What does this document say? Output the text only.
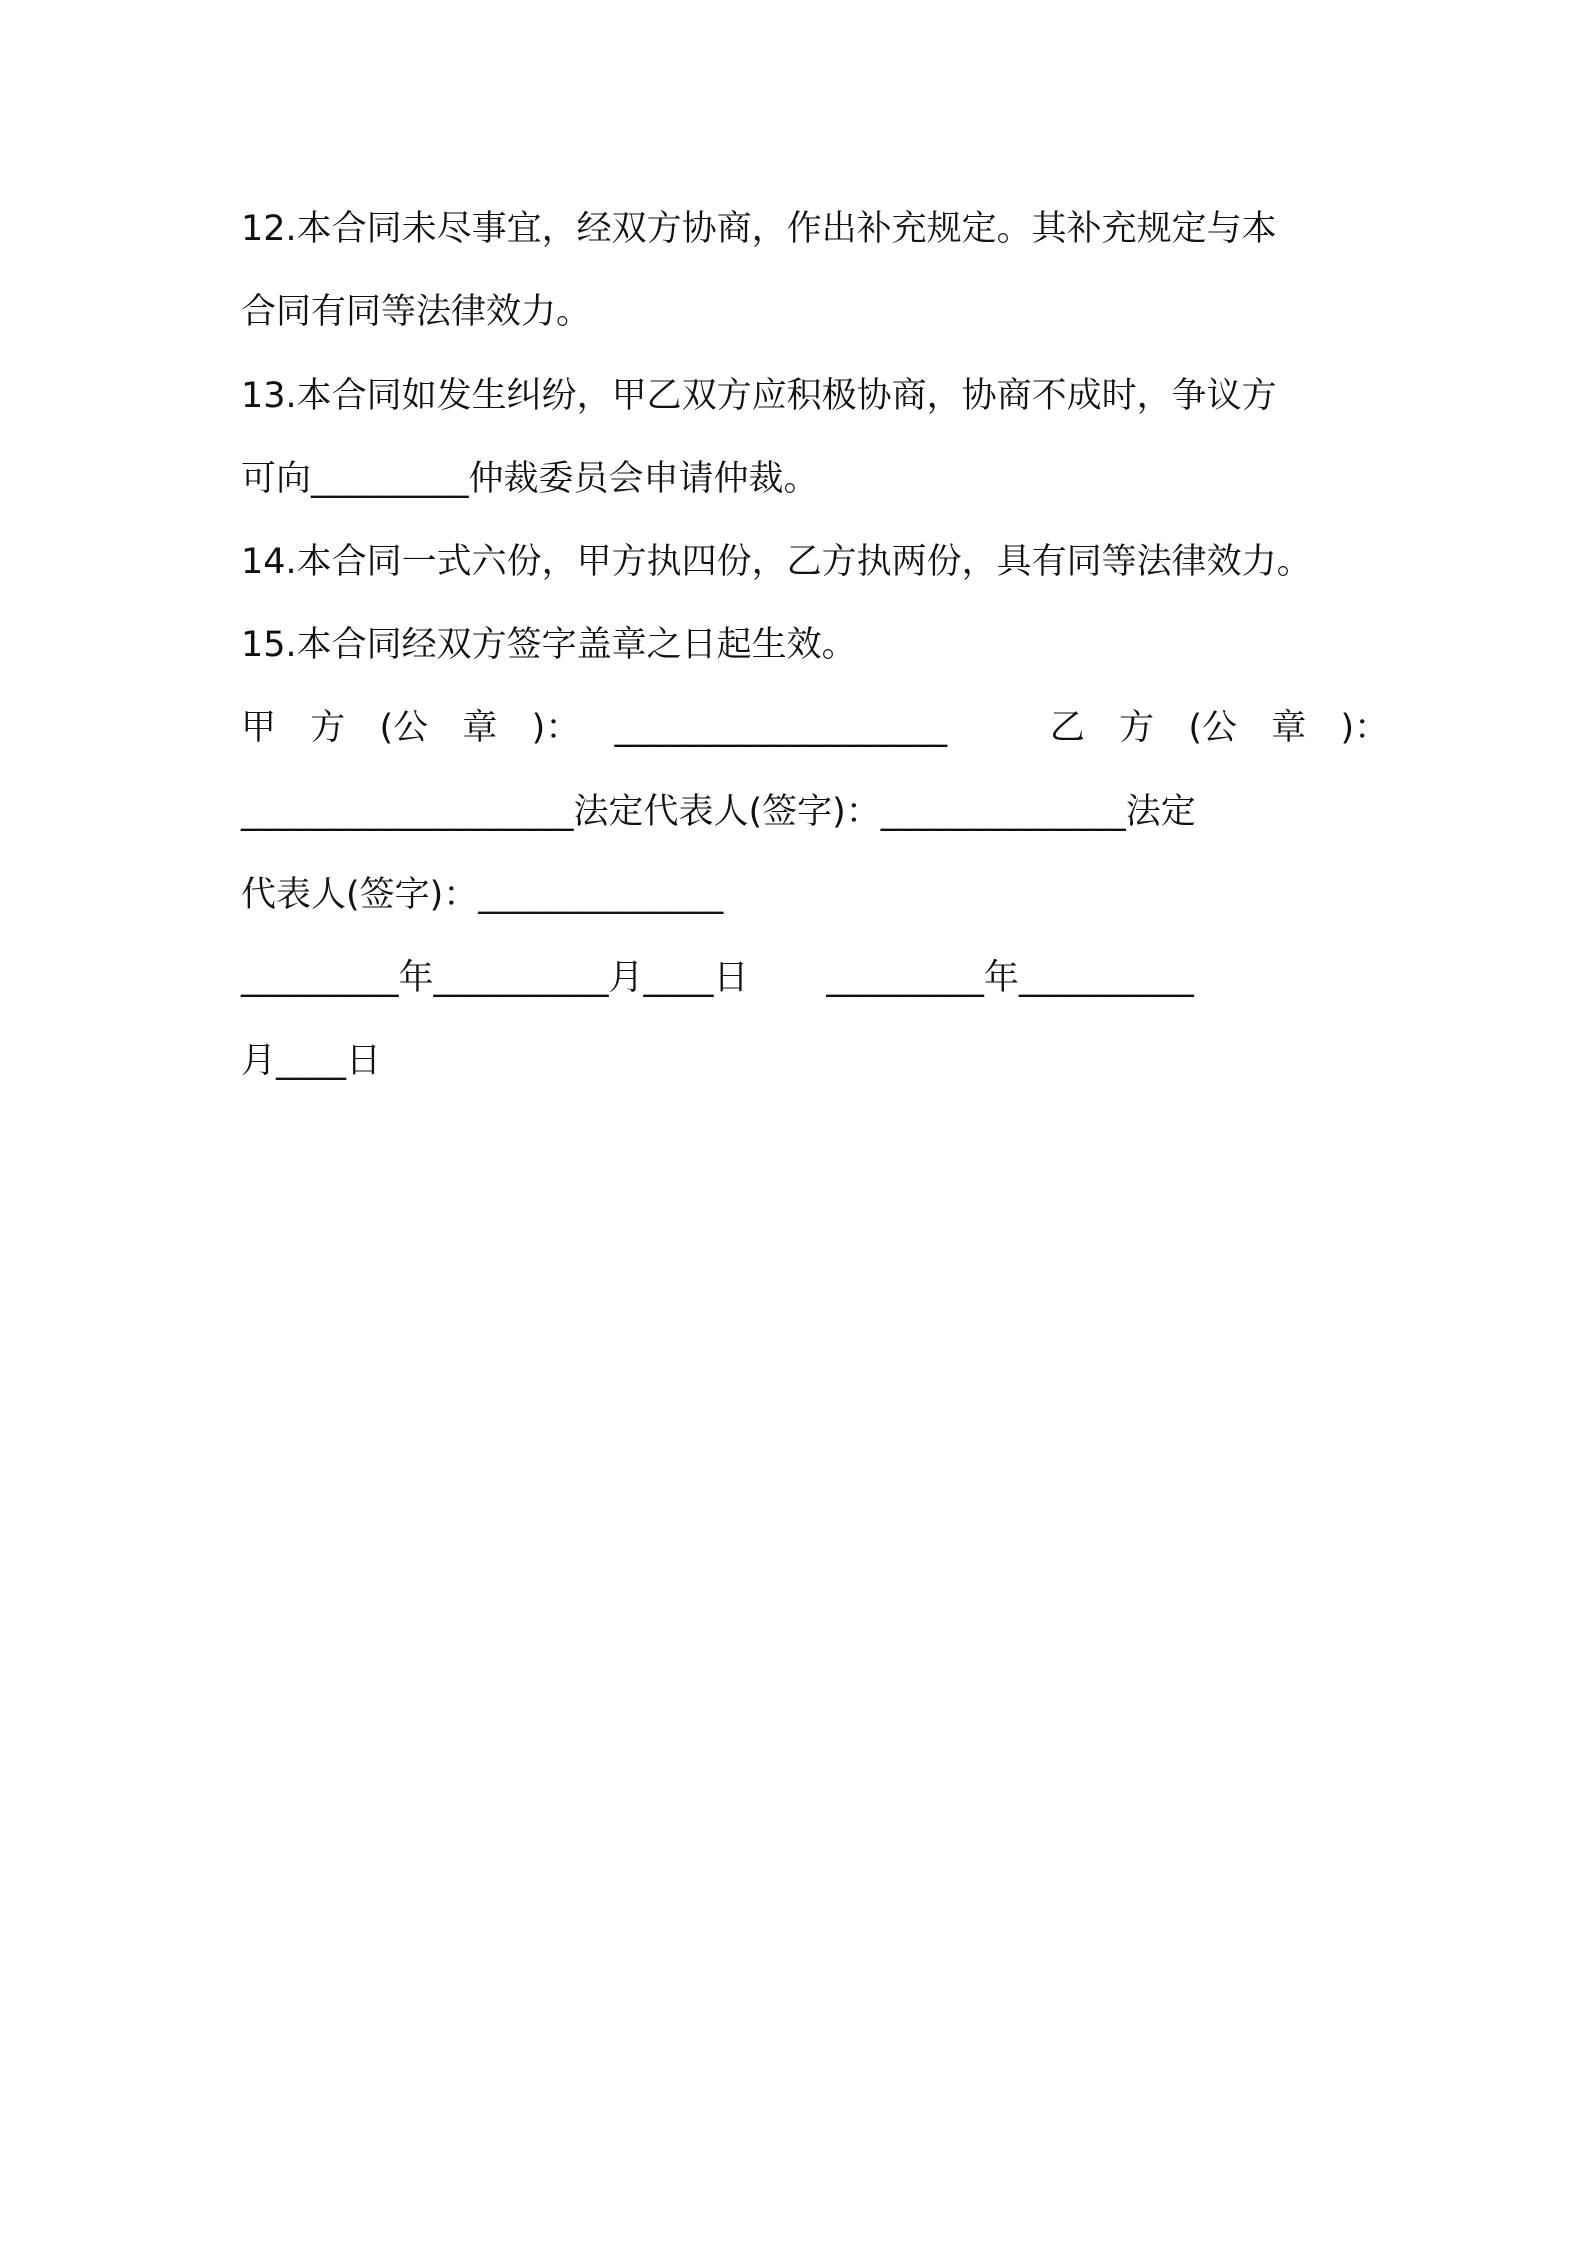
12.本合同未尽事宜，经双方协商，作出补充规定。其补充规定与本
合同有同等法律效力。
13.本合同如发生纠纷，甲乙双方应积极协商，协商不成时，争议方
可向_________仲裁委员会申请仲裁。
14.本合同一式六份，甲方执四份，乙方执两份，具有同等法律效力。
15.本合同经双方签字盖章之日起生效。
甲  方  (公  章  )：  ___________________      乙  方  (公  章  )：
___________________法定代表人(签字)：______________法定
代表人(签字)：______________
_________年__________月____日       _________年__________
月____日
